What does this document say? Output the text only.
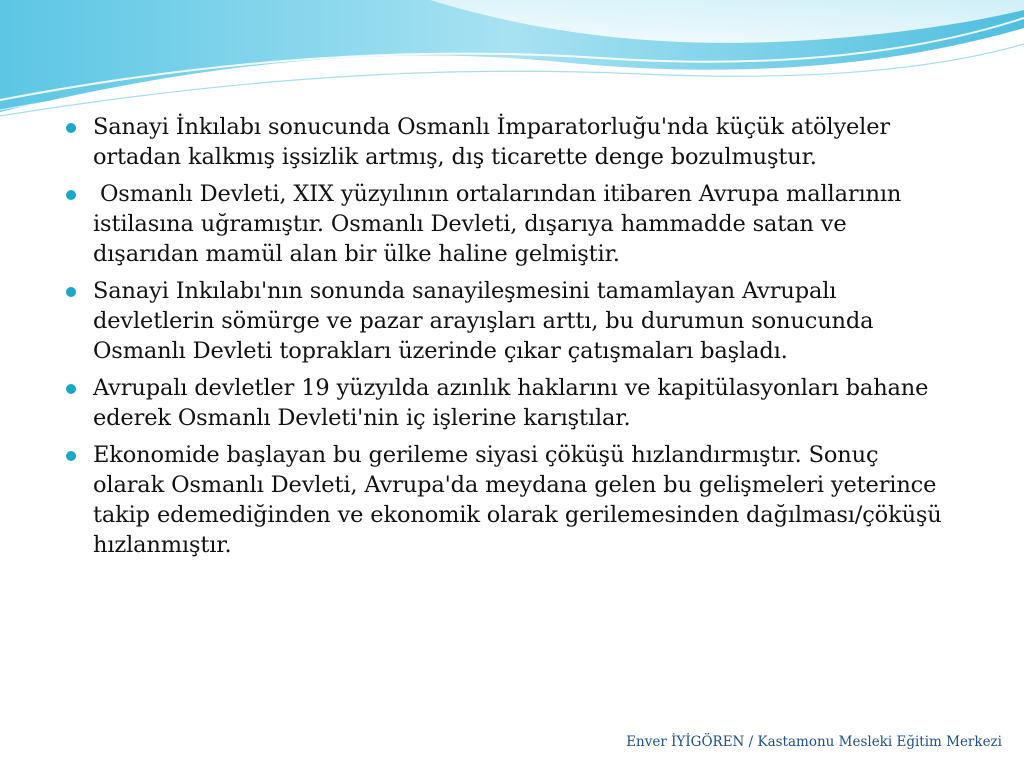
Sanayi İnkılabı sonucunda Osmanlı İmparatorluğu'nda küçük atölyeler ortadan kalkmış işsizlik artmış, dış ticarette denge bozulmuştur.
Osmanlı Devleti, XIX yüzyılının ortalarından itibaren Avrupa mallarının istilasına uğramıştır. Osmanlı Devleti, dışarıya hammadde satan ve dışarıdan mamül alan bir ülke haline gelmiştir.
Sanayi Inkılabı'nın sonunda sanayileşmesini tamamlayan Avrupalı devletlerin sömürge ve pazar arayışları arttı, bu durumun sonucunda Osmanlı Devleti toprakları üzerinde çıkar çatışmaları başladı.
Avrupalı devletler 19 yüzyılda azınlık haklarını ve kapitülasyonları bahane ederek Osmanlı Devleti'nin iç işlerine karıştılar.
Ekonomide başlayan bu gerileme siyasi çöküşü hızlandırmıştır. Sonuç olarak Osmanlı Devleti, Avrupa'da meydana gelen bu gelişmeleri yeterince takip edemediğinden ve ekonomik olarak gerilemesinden dağılması/çöküşü hızlanmıştır.
Enver İYİGÖREN / Kastamonu Mesleki Eğitim Merkezi
